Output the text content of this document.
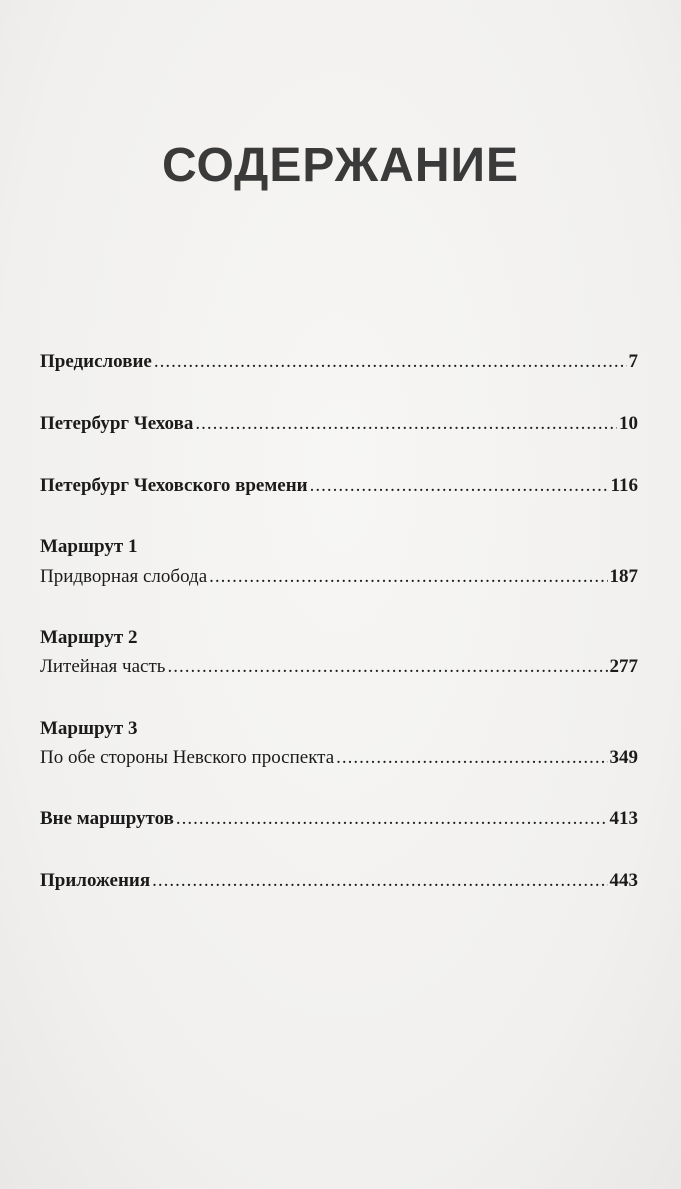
СОДЕРЖАНИЕ
Предисловие .....	7
Петербург Чехова .....	10
Петербург Чеховского времени .....	116
Маршрут 1
Придворная слобода .....	187
Маршрут 2
Литейная часть .....	277
Маршрут 3
По обе стороны Невского проспекта .....	349
Вне маршрутов .....	413
Приложения .....	443
